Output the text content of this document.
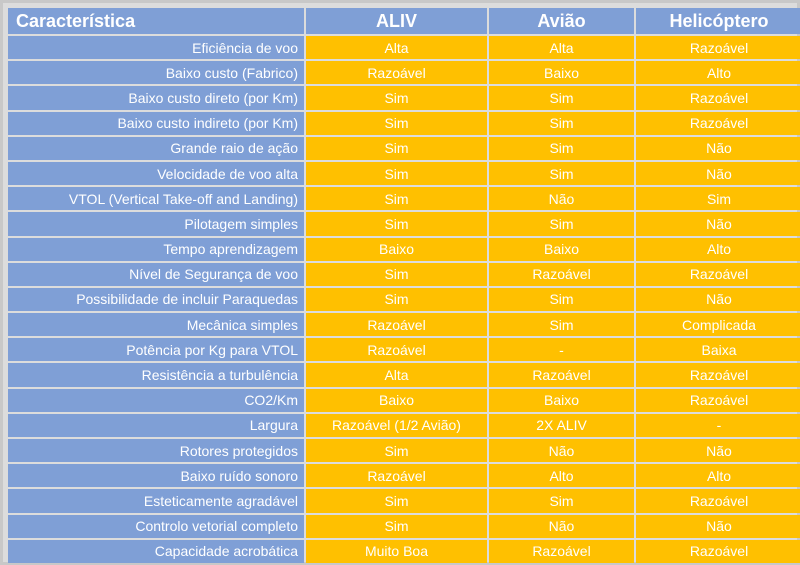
Característica	ALIV	Avião	Helicóptero
Eficiência de voo	Alta	Alta	Razoável
Baixo custo (Fabrico)	Razoável	Baixo	Alto
Baixo custo direto (por Km)	Sim	Sim	Razoável
Baixo custo indireto (por Km)	Sim	Sim	Razoável
Grande raio de ação	Sim	Sim	Não
Velocidade de voo alta	Sim	Sim	Não
VTOL (Vertical Take-off and Landing)	Sim	Não	Sim
Pilotagem simples	Sim	Sim	Não
Tempo aprendizagem	Baixo	Baixo	Alto
Nível de Segurança de voo	Sim	Razoável	Razoável
Possibilidade de incluir Paraquedas	Sim	Sim	Não
Mecânica simples	Razoável	Sim	Complicada
Potência por Kg para VTOL	Razoável	-	Baixa
Resistência a turbulência	Alta	Razoável	Razoável
CO2/Km	Baixo	Baixo	Razoável
Largura	Razoável (1/2 Avião)	2X ALIV	-
Rotores protegidos	Sim	Não	Não
Baixo ruído sonoro	Razoável	Alto	Alto
Esteticamente agradável	Sim	Sim	Razoável
Controlo vetorial completo	Sim	Não	Não
Capacidade acrobática	Muito Boa	Razoável	Razoável
